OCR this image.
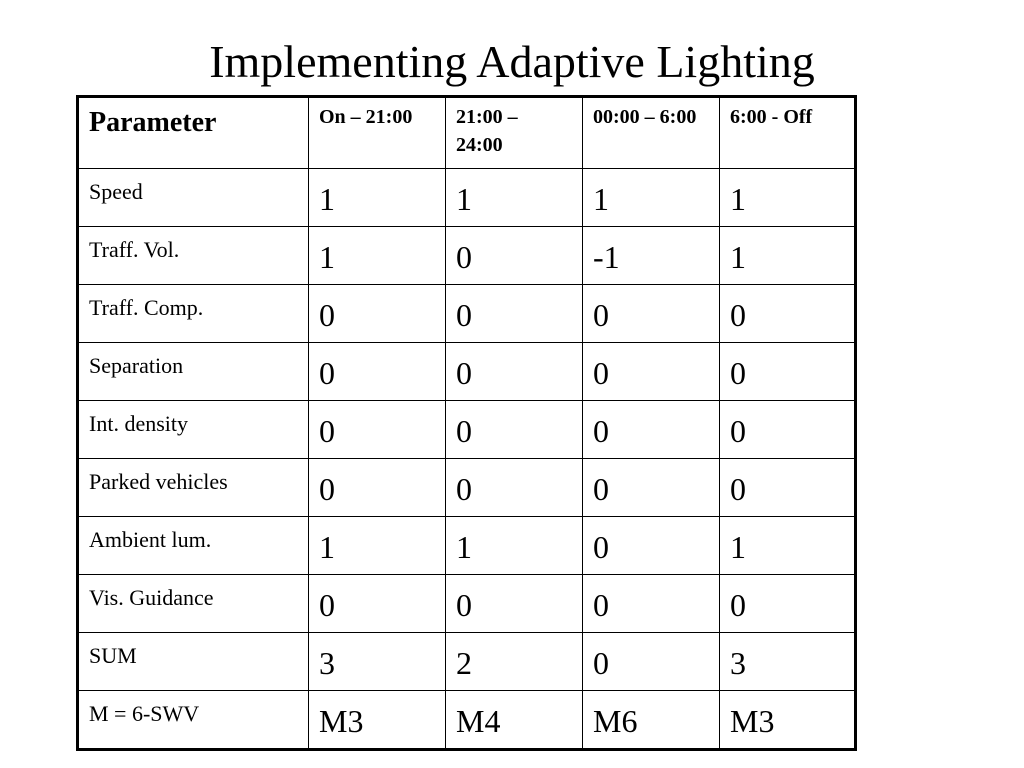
Implementing Adaptive Lighting
Parameter	On – 21:00	21:00 – 24:00	00:00 – 6:00	6:00 - Off

Speed	1	1	1	1

Traff. Vol.	1	0	-1	1

Traff. Comp.	0	0	0	0

Separation	0	0	0	0

Int. density	0	0	0	0

Parked vehicles	0	0	0	0

Ambient lum.	1	1	0	1

Vis. Guidance	0	0	0	0

SUM	3	2	0	3

M = 6-SWV	M3	M4	M6	M3
